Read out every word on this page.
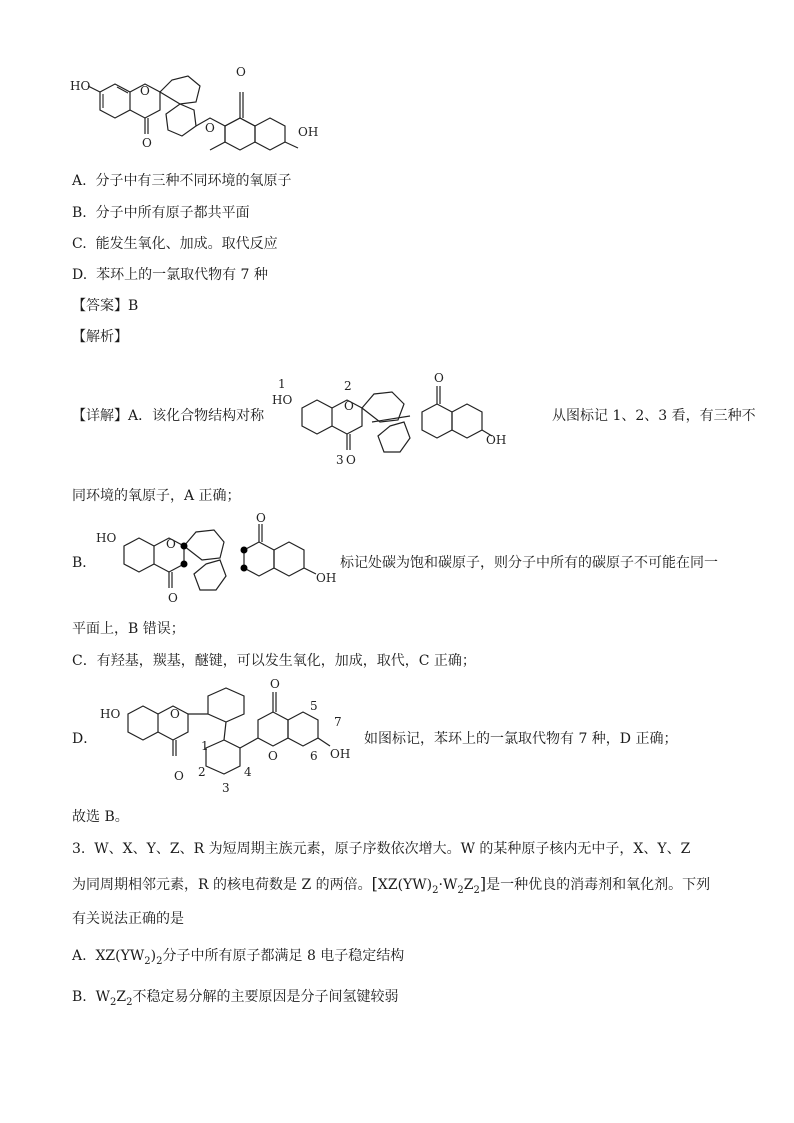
HO	O
O
O
O	OH
A. 分子中有三种不同环境的氧原子
B. 分子中所有原子都共平面
C. 能发生氧化、加成。取代反应
D. 苯环上的一氯取代物有 7 种
【答案】B
【解析】
【详解】A．该化合物结构对称
1
HO
2
O
3 O
O
OH
从图标记 1、2、3 看，有三种不
同环境的氧原子，A 正确；
B．
HO	O
O
O
OH
标记处碳为饱和碳原子，则分子中所有的碳原子不可能在同一
平面上，B 错误；
C．有羟基，羰基，醚键，可以发生氧化，加成，取代，C 正确；
D．
HO	O
O
O
O	OH
1
2
3
4
5
6
7
如图标记，苯环上的一氯取代物有 7 种，D 正确；
故选 B。
3. W、X、Y、Z、R 为短周期主族元素，原子序数依次增大。W 的某种原子核内无中子，X、Y、Z
为同周期相邻元素，R 的核电荷数是 Z 的两倍。$[XZ(YW)_2\cdot W_2Z_2]$是一种优良的消毒剂和氧化剂。下列
有关说法正确的是
A. $XZ(YW_2)_2$分子中所有原子都满足 8 电子稳定结构
B. $W_2Z_2$不稳定易分解的主要原因是分子间氢键较弱
